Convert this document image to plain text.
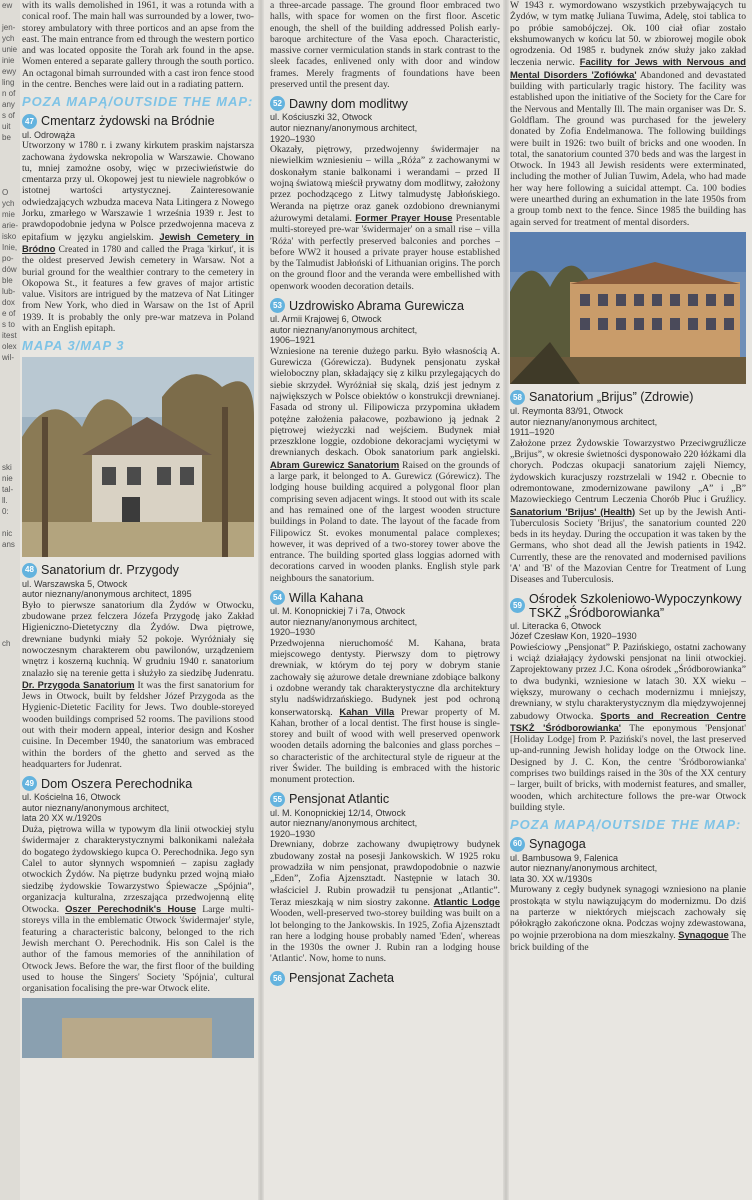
ew

jen-
ych
unie
inie
ewy
ling
n of
any
s of
uit
be

O
ych
mie
arie-
isko
Inie,
po-
dów
ble
lub-
dox
e of
s to
itest
olex
wil-

ski
nie
tal-
ll.
0:

nic
ans

ch

with its walls demolished in 1961, it was a rotunda with a conical roof. The main hall was surrounded by a lower, two-storey ambulatory with three porticos and an apse from the east. The main entrance from ed through the western portico and was located opposite the Torah ark found in the apse. Women entered a separate gallery through the south portico. An octagonal bimah surrounded with a cast iron fence stood in the centre. Benches were laid out in a radiating pattern.

POZA MAPĄ/OUTSIDE THE MAP:
47 Cmentarz żydowski na Bródnie
ul. Odrowąża

Utworzony w 1780 r. i zwany kirkutem praskim najstarsza zachowana żydowska nekropolia w Warszawie. Chowano tu, mniej zamożne osoby, więc w przeciwieństwie do cmentarza przy ul. Okopowej jest tu niewiele nagrobków o istotnej wartości artystycznej. Zainteresowanie odwiedzających wzbudza maceva Nata Litingera z Nowego Jorku, zmarłego w Warszawie 1 września 1939 r. Jest to prawdopodobnie jedyna w Polsce przedwojenna maceva z epitafium w języku angielskim. Jewish Cemetery in Bródno Created in 1780 and called the Praga 'kirkut', it is the oldest preserved Jewish cemetery in Warsaw. Not a burial ground for the wealthier contrary to the cemetery in Okopowa St., it features a few graves of major artistic value. Visitors are intrigued by the matzeva of Nat Litinger from New York, who died in Warsaw on the 1st of April 1939. It is probably the only pre-war matzeva in Poland with an English epitaph.

MAPA 3/MAP 3
48 Sanatorium dr. Przygody
ul. Warszawska 5, Otwock
autor nieznany/anonymous architect, 1895

Było to pierwsze sanatorium dla Żydów w Otwocku, zbudowane przez felczera Józefa Przygodę jako Zakład Higieniczno-Dietetyczny dla Żydów. Dwa piętrowe, drewniane budynki miały 52 pokoje. Wyróżniały się nowoczesnym charakterem obu pawilonów, urządzeniem wnętrz i koszerną kuchnią. W grudniu 1940 r. sanatorium znalazło się na terenie getta i służyło za siedzibę Judenratu. Dr. Przygoda Sanatorium It was the first sanatorium for Jews in Otwock, built by feldsher Józef Przygoda as the Hygienic-Dietetic Facility for Jews. Two double-storeyed wooden buildings comprised 52 rooms. The pavilions stood out with their modern appeal, interior design and Kosher cuisine. In December 1940, the sanatorium was embraced within the borders of the ghetto and served as the headquarters for Judenrat.

49 Dom Oszera Perechodnika
ul. Kościelna 16, Otwock
autor nieznany/anonymous architect,
lata 20 XX w./1920s

Duża, piętrowa willa w typowym dla linii otwockiej stylu świdermajer z charakterystycznymi balkonikami należała do bogatego żydowskiego kupca O. Perechodnika. Jego syn Calel to autor słynnych wspomnień – zapisu zagłady otwockich Żydów. Na piętrze budynku przed wojną miało siedzibę żydowskie Towarzystwo Śpiewacze „Spójnia”, organizacja kulturalna, zrzeszająca przedwojenną elitę Otwocka. Oszer Perechodnik's House Large multi-storeys villa in the emblematic Otwock 'świdermajer' style, featuring a characteristic balcony, belonged to the rich Jewish merchant O. Perechodnik. His son Calel is the author of the famous memories of the annihilation of Otwock Jews. Before the war, the first floor of the building used to house the Singers' Society 'Spójnia', cultural organisation focalising the pre-war Otwock elite.

a three-arcade passage. The ground floor embraced two halls, with space for women on the first floor. Ascetic enough, the shell of the building addressed Polish early-baroque architecture of the Vasa epoch. Characteristic, massive corner vermiculation stands in stark contrast to the sleek facades, enlivened only with door and window frames. Merely fragments of foundations have been preserved until the present day.

52 Dawny dom modlitwy
ul. Kościuszki 32, Otwock
autor nieznany/anonymous architect,
1920–1930

Okazały, piętrowy, przedwojenny świdermajer na niewielkim wzniesieniu – willa „Róża” z zachowanymi w doskonałym stanie balkonami i werandami – przed II wojną światową mieścił prywatny dom modlitwy, założony przez pochodzącego z Litwy talmudystę Jabłońskiego. Weranda na piętrze oraz ganek ozdobiono drewnianymi ażurowymi detalami. Former Prayer House Presentable multi-storeyed pre-war 'świdermajer' on a small rise – villa 'Róża' with perfectly preserved balconies and porches – before WW2 it housed a private prayer house established by the Talmudist Jabłoński of Lithuanian origins. The porch on the ground floor and the veranda were embellished with openwork wooden decoration details.

53 Uzdrowisko Abrama Gurewicza
ul. Armii Krajowej 6, Otwock
autor nieznany/anonymous architect,
1906–1921

Wzniesione na terenie dużego parku. Było własnością A. Gurewicza (Górewicza). Budynek pensjonatu zyskał wieloboczny plan, składający się z kilku przylegających do siebie skrzydeł. Wyróżniał się skalą, dziś jest jednym z największych w Polsce obiektów o konstrukcji drewnianej. Fasada od strony ul. Filipowicza przypomina układem potężne założenia pałacowe, pozbawiono ją jednak 2 piętrowej wieżyczki nad wejściem. Budynek miał przeszklone loggie, ozdobione dekoracjami wyciętymi w drewnianych deskach. Obok sanatorium park angielski. Abram Gurewicz Sanatorium Raised on the grounds of a large park, it belonged to A. Gurewicz (Górewicz). The lodging house building acquired a polygonal floor plan comprising seven adjacent wings. It stood out with its scale and has remained one of the largest wooden structure buildings in Poland to date. The layout of the facade from Filipowicz St. evokes monumental palace complexes; however, it was deprived of a two-storey tower above the entrance. The building sported glass loggias adorned with decorations carved in wooden planks. English style park neighbours the sanatorium.

54 Willa Kahana
ul. M. Konopnickiej 7 i 7a, Otwock
autor nieznany/anonymous architect,
1920–1930

Przedwojenna nieruchomość M. Kahana, brata miejscowego dentysty. Pierwszy dom to piętrowy drewniak, w którym do tej pory w dobrym stanie zachowały się ażurowe detale drewniane zdobiące balkony i ozdobne werandy tak charakterystyczne dla architektury stylu nadświdrzańskiego. Budynek jest pod ochroną konserwatorską. Kahan Villa Prewar property of M. Kahan, brother of a local dentist. The first house is single-storey and built of wood with well preserved openwork wooden details adorning the balconies and glass porches – so characteristic of the architectural style de rigueur at the river Świder. The building is embraced with the historic monument protection.

55 Pensjonat Atlantic
ul. M. Konopnickiej 12/14, Otwock
autor nieznany/anonymous architect,
1920–1930

Drewniany, dobrze zachowany dwupiętrowy budynek zbudowany został na posesji Jankowskich. W 1925 roku prowadziła w nim pensjonat, prawdopodobnie o nazwie „Eden”, Zofia Ajzensztadt. Następnie w latach 30. właściciel J. Rubin prowadził tu pensjonat „Atlantic”. Teraz mieszkają w nim siostry zakonne. Atlantic Lodge Wooden, well-preserved two-storey building was built on a lot belonging to the Jankowskis. In 1925, Zofia Ajzensztadt ran here a lodging house probably named 'Eden', whereas in the 1930s the owner J. Rubin ran a lodging house 'Atlantic'. Now, home to nuns.

56 Pensjonat Zacheta

W 1943 r. wymordowano wszystkich przebywających tu Żydów, w tym matkę Juliana Tuwima, Adelę, stoi tablica to po próbie samobójczej. Ok. 100 ciał ofiar zostało ekshumowanych w końcu lat 50. w zbiorowej mogile obok ogrodzenia. Od 1985 r. budynek znów służy jako zakład leczenia nerwic. Facility for Jews with Nervous and Mental Disorders 'Zofiówka' Abandoned and devastated building with particularly tragic history. The facility was established upon the initiative of the Society for the Care for the Nervous and Mentally Ill. The main organiser was Dr. S. Goldflam. The ground was purchased for the jewelery donated by Zofia Endelmanowa. The following buildings were built in 1926: two built of bricks and one wooden. In total, the sanatorium counted 370 beds and was the largest in Otwock. In 1943 all Jewish residents were exterminated, including the mother of Julian Tuwim, Adela, who had made her way here following a suicidal attempt. Ca. 100 bodies were unearthed during an exhumation in the late 1950s from a group tomb next to the fence. Since 1985 the building has again served for treatment of mental disorders.

58 Sanatorium „Brijus” (Zdrowie)
ul. Reymonta 83/91, Otwock
autor nieznany/anonymous architect,
1911–1920

Założone przez Żydowskie Towarzystwo Przeciwgruźlicze „Brijus”, w okresie świetności dysponowało 220 łóżkami dla chorych. Podczas okupacji sanatorium zajęli Niemcy, żydowskich kuracjuszy rozstrzelali w 1942 r. Obecnie to odremontowane, zmodernizowane pawilony „A” i „B” Mazowieckiego Centrum Leczenia Chorób Płuc i Gruźlicy. Sanatorium 'Brijus' (Health) Set up by the Jewish Anti-Tuberculosis Society 'Brijus', the sanatorium counted 220 beds in its heyday. During the occupation it was taken by the Germans, who shot dead all the Jewish patients in 1942. Currently, these are the renovated and modernised pavilions 'A' and 'B' of the Mazovian Centre for Treatment of Lung Diseases and Tuberculosis.

59 Ośrodek Szkoleniowo-Wypoczynkowy TSKŻ „Śródborowianka”
ul. Literacka 6, Otwock
Józef Czesław Kon, 1920–1930

Powieściowy „Pensjonat” P. Pazińskiego, ostatni zachowany i wciąż działający żydowski pensjonat na linii otwockiej. Zaprojektowany przez J.C. Kona ośrodek „Śródborowianka” to dwa budynki, wzniesione w latach 30. XX wieku – większy, murowany o cechach modernizmu i mniejszy, drewniany, w stylu charakterystycznym dla międzywojennej zabudowy Otwocka. Sports and Recreation Centre TSKŻ 'Śródborowianka' The eponymous 'Pensjonat' [Holiday Lodge] from P. Paziński's novel, the last preserved up-and-running Jewish holiday lodge on the Otwock line. Designed by J. C. Kon, the centre 'Śródborowianka' comprises two buildings raised in the 30s of the XX century – larger, built of bricks, with modernist features, and smaller, wooden, which architecture follows the pre-war Otwock building style.

POZA MAPĄ/OUTSIDE THE MAP:
60 Synagoga
ul. Bambusowa 9, Falenica
autor nieznany/anonymous architect,
lata 30. XX w./1930s

Murowany z cegły budynek synagogi wzniesiono na planie prostokąta w stylu nawiązującym do modernizmu. Do dziś na parterze w niektórych miejscach zachowały się półokrągło zakończone okna. Podczas wojny zdewastowana, po wojnie przerobiona na dom mieszkalny. Synagogue The brick building of the
